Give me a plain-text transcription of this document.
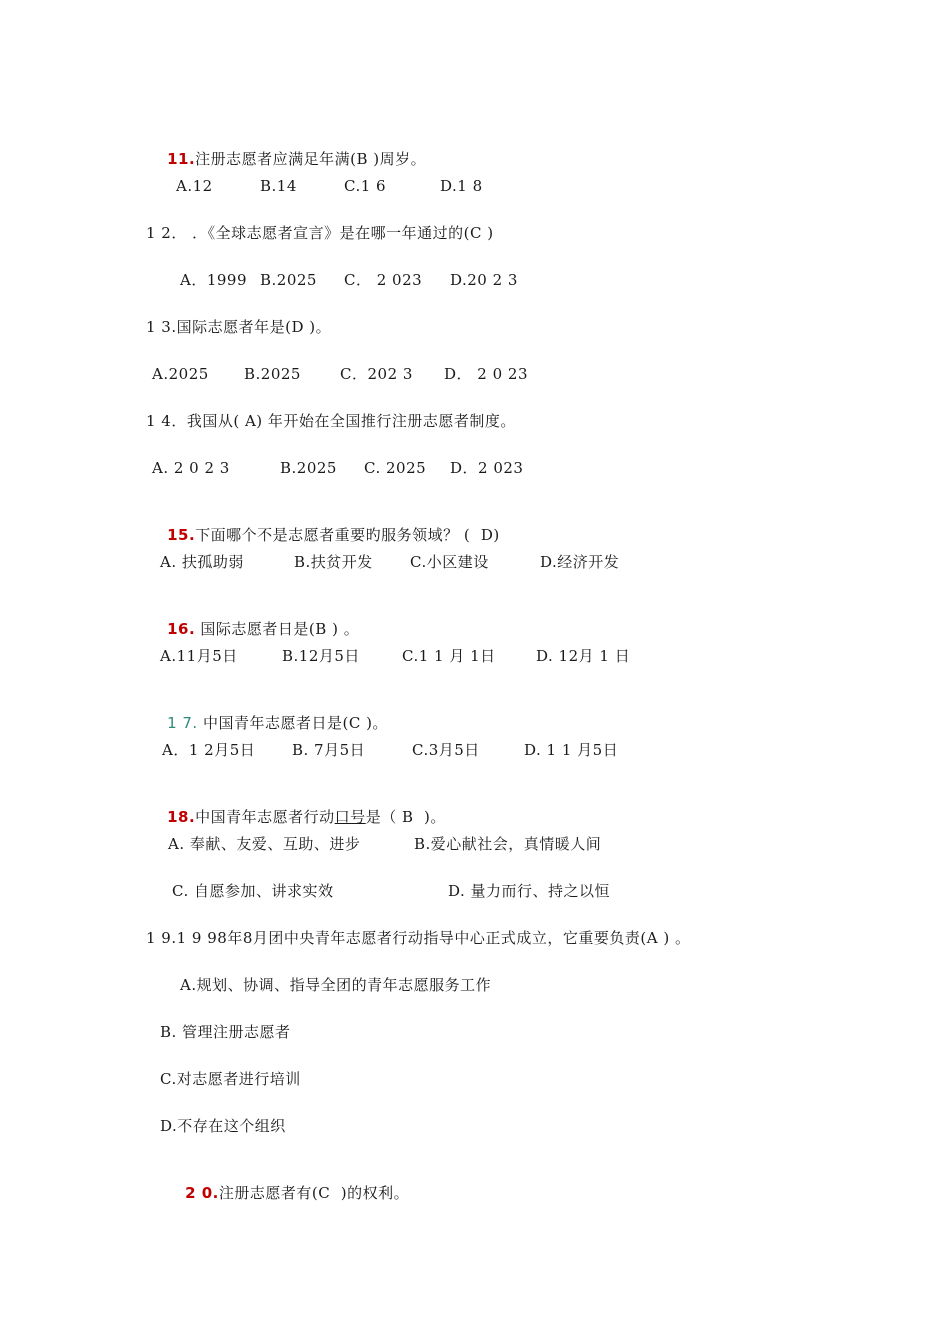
11.注册志愿者应满足年满(B )周岁。

A.12	B.14	C.1 6	D.1 8
1 2． ．《全球志愿者宣言》是在哪一年通过的(C )
A．1999 B.2025 C． 2 023 D.20 2 3
1 3.国际志愿者年是(D )。
A.2025 B.2025	C．202 3 D． 2 0 23
1 4．我国从( A) 年开始在全国推行注册志愿者制度。
A. 2 0 2 3	B.2025 C. 2025 D．2 023

15.下面哪个不是志愿者重要旳服务领域？ (  D)

A. 扶孤助弱	B.扶贫开发 C.小区建设	D.经济开发

16. 国际志愿者日是(B ) 。

A.11月5日	B.12月5日	C.1 1 月 1日	D. 12月 1 日

1 7. 中国青年志愿者日是(C )。

A．1 2月5日 B. 7月5日	C.3月5日	D. 1 1 月5日

18.中国青年志愿者行动口号是（ B  )。

A. 奉献、友爱、互助、进步	B.爱心献社会，真情暖人间
C. 自愿参加、讲求实效	D. 量力而行、持之以恒
1 9.1 9 98年8月团中央青年志愿者行动指导中心正式成立，它重要负责(A ) 。
A.规划、协调、指导全团的青年志愿服务工作
B. 管理注册志愿者
C.对志愿者进行培训
D.不存在这个组织

2 0.注册志愿者有(C  )的权利。
